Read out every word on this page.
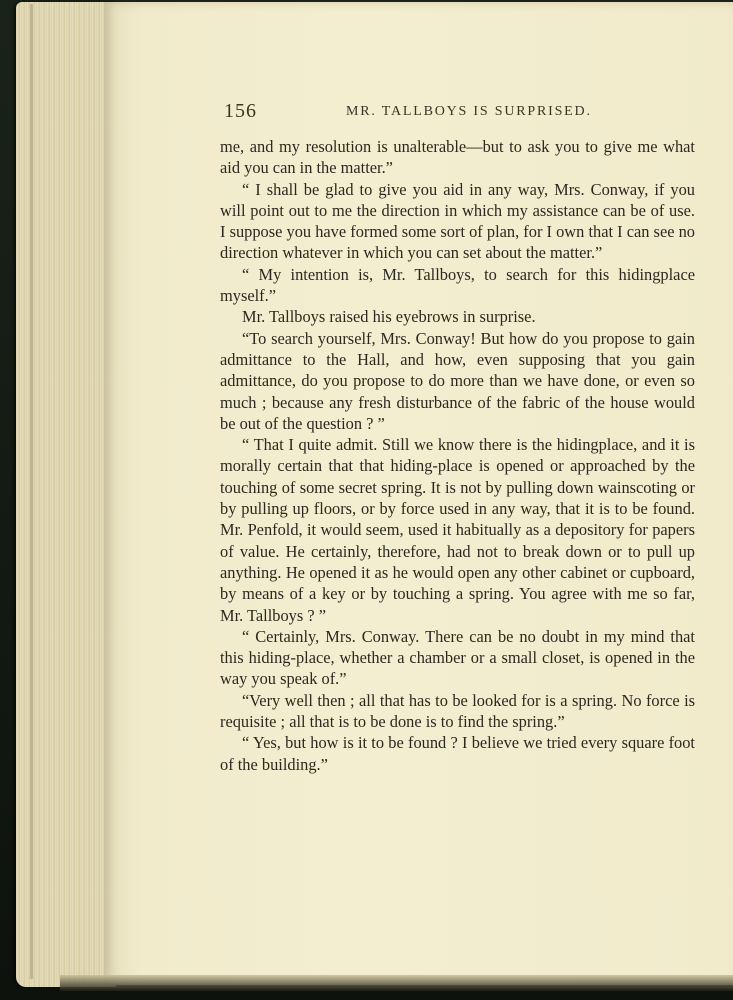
156	MR. TALLBOYS IS SURPRISED.

me, and my resolution is unalterable—but to ask you to give me what aid you can in the matter.”

“ I shall be glad to give you aid in any way, Mrs. Conway, if you will point out to me the direction in which my assistance can be of use. I suppose you have formed some sort of plan, for I own that I can see no direction whatever in which you can set about the matter.”

“ My intention is, Mr. Tallboys, to search for this hidingplace myself.”

Mr. Tallboys raised his eyebrows in surprise.

“To search yourself, Mrs. Conway! But how do you propose to gain admittance to the Hall, and how, even supposing that you gain admittance, do you propose to do more than we have done, or even so much ; because any fresh disturbance of the fabric of the house would be out of the question ? ”

“ That I quite admit. Still we know there is the hidingplace, and it is morally certain that that hiding-place is opened or approached by the touching of some secret spring. It is not by pulling down wainscoting or by pulling up floors, or by force used in any way, that it is to be found. Mr. Penfold, it would seem, used it habitually as a depository for papers of value. He certainly, therefore, had not to break down or to pull up anything. He opened it as he would open any other cabinet or cupboard, by means of a key or by touching a spring. You agree with me so far, Mr. Tallboys ? ”

“ Certainly, Mrs. Conway. There can be no doubt in my mind that this hiding-place, whether a chamber or a small closet, is opened in the way you speak of.”

“Very well then ; all that has to be looked for is a spring. No force is requisite ; all that is to be done is to find the spring.”

“ Yes, but how is it to be found ? I believe we tried every square foot of the building.”
